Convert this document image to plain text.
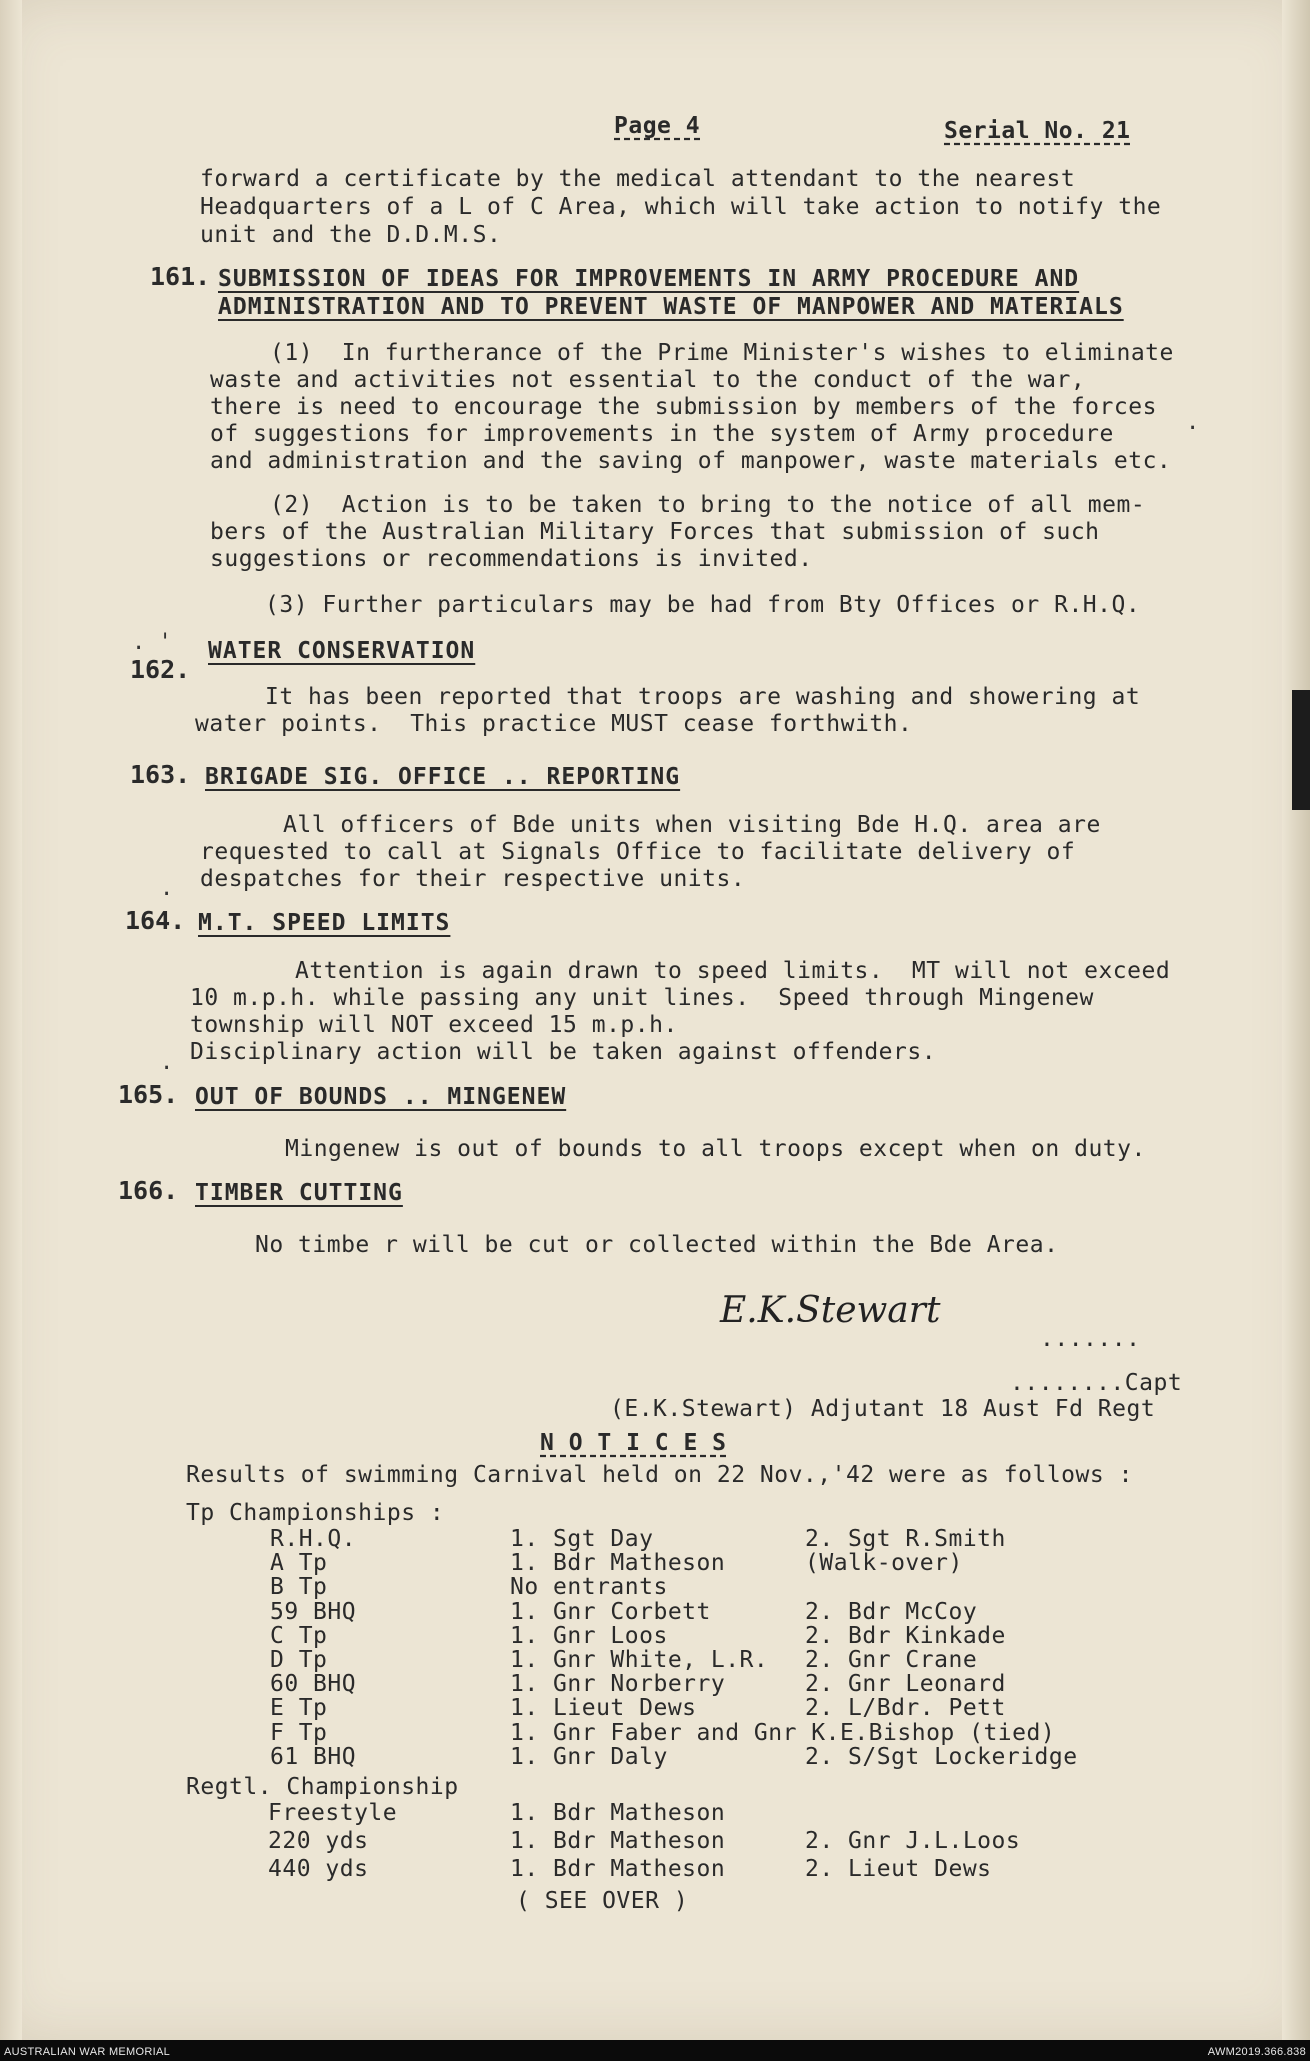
Page 4	Serial No. 21
forward a certificate by the medical attendant to the nearest
Headquarters of a L of C Area, which will take action to notify the
unit and the D.D.M.S.
161. SUBMISSION OF IDEAS FOR IMPROVEMENTS IN ARMY PROCEDURE AND
ADMINISTRATION AND TO PREVENT WASTE OF MANPOWER AND MATERIALS
(1)  In furtherance of the Prime Minister's wishes to eliminate
waste and activities not essential to the conduct of the war,
there is need to encourage the submission by members of the forces
of suggestions for improvements in the system of Army procedure
and administration and the saving of manpower, waste materials etc.
(2)  Action is to be taken to bring to the notice of all mem-
bers of the Australian Military Forces that submission of such
suggestions or recommendations is invited.
(3) Further particulars may be had from Bty Offices or R.H.Q.
. '
162.
WATER CONSERVATION
It has been reported that troops are washing and showering at
water points.  This practice MUST cease forthwith.
163. BRIGADE SIG. OFFICE .. REPORTING
All officers of Bde units when visiting Bde H.Q. area are
requested to call at Signals Office to facilitate delivery of
despatches for their respective units.
164. M.T. SPEED LIMITS
Attention is again drawn to speed limits.  MT will not exceed
10 m.p.h. while passing any unit lines.  Speed through Mingenew
township will NOT exceed 15 m.p.h.
Disciplinary action will be taken against offenders.
165. OUT OF BOUNDS .. MINGENEW
Mingenew is out of bounds to all troops except when on duty.
166. TIMBER CUTTING
No timbe r will be cut or collected within the Bde Area.
E.K.Stewart
.......
........Capt
(E.K.Stewart) Adjutant 18 Aust Fd Regt
N O T I C E S
Results of swimming Carnival held on 22 Nov.,'42 were as follows :
Tp Championships :
R.H.Q.	1. Sgt Day	2. Sgt R.Smith
A Tp	1. Bdr Matheson	(Walk-over)
B Tp	No entrants
59 BHQ	1. Gnr Corbett	2. Bdr McCoy
C Tp	1. Gnr Loos	2. Bdr Kinkade
D Tp	1. Gnr White, L.R. 2. Gnr Crane
60 BHQ	1. Gnr Norberry	2. Gnr Leonard
E Tp	1. Lieut Dews	2. L/Bdr. Pett
F Tp	1. Gnr Faber and Gnr K.E.Bishop (tied)
61 BHQ	1. Gnr Daly	2. S/Sgt Lockeridge
Regtl. Championship
Freestyle	1. Bdr Matheson
220 yds	1. Bdr Matheson	2. Gnr J.L.Loos
440 yds	1. Bdr Matheson	2. Lieut Dews
( SEE OVER )
.
.
.
AUSTRALIAN WAR MEMORIAL	AWM2019.366.838
